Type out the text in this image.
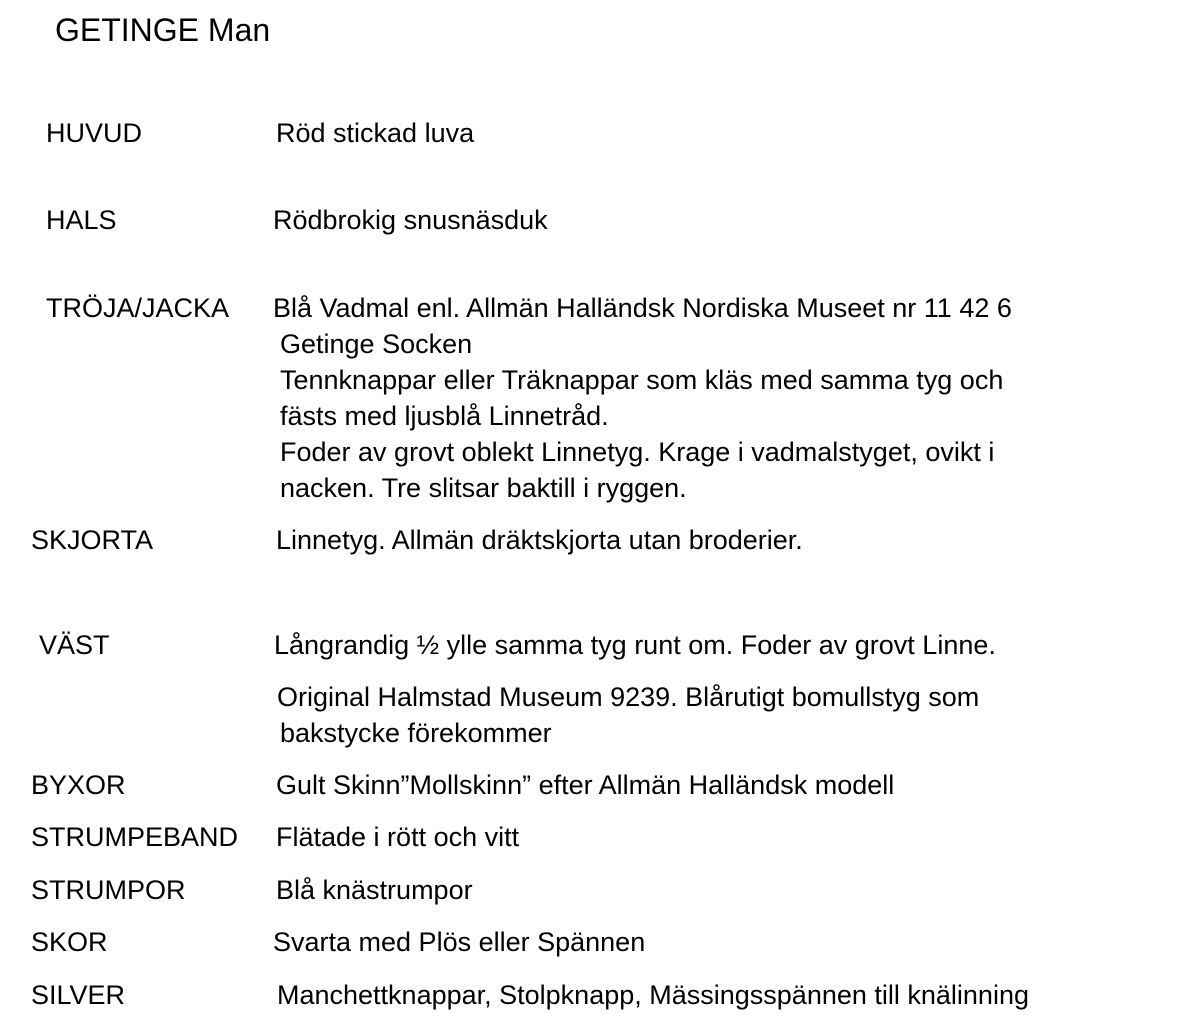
GETINGE Man
HUVUD	Röd stickad luva
HALS	Rödbrokig snusnäsduk
TRÖJA/JACKA Blå Vadmal enl. Allmän Halländsk Nordiska Museet nr 11 42 6
Getinge Socken
Tennknappar eller Träknappar som kläs med samma tyg och
fästs med ljusblå Linnetråd.
Foder av grovt oblekt Linnetyg. Krage i vadmalstyget, ovikt i
nacken. Tre slitsar baktill i ryggen.
SKJORTA	Linnetyg. Allmän dräktskjorta utan broderier.
VÄST	Långrandig ½ ylle samma tyg runt om. Foder av grovt Linne.
Original Halmstad Museum 9239. Blårutigt bomullstyg som
bakstycke förekommer
BYXOR	Gult Skinn”Mollskinn” efter Allmän Halländsk modell
STRUMPEBAND Flätade i rött och vitt
STRUMPOR	Blå knästrumpor
SKOR	Svarta med Plös eller Spännen
SILVER	Manchettknappar, Stolpknapp, Mässingsspännen till knälinning
